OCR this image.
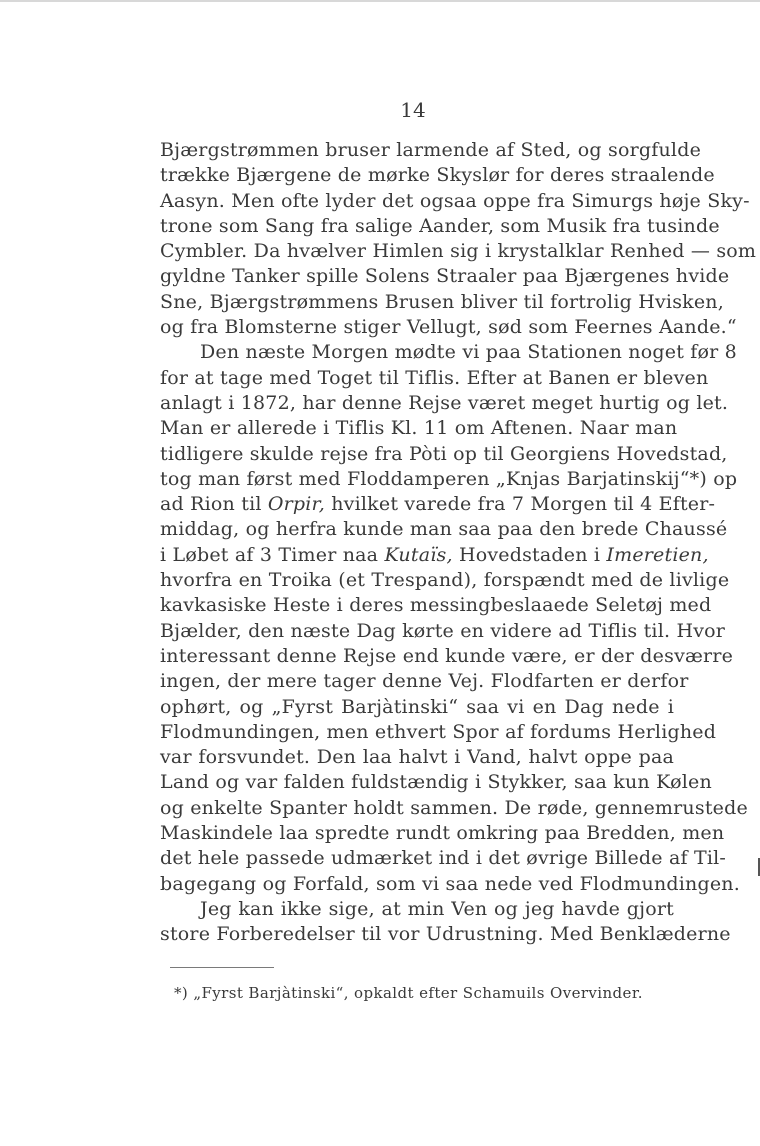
14
Bjærgstrømmen bruser larmende af Sted, og sorgfulde
trække Bjærgene de mørke Skyslør for deres straalende
Aasyn. Men ofte lyder det ogsaa oppe fra Simurgs høje Sky-
trone som Sang fra salige Aander, som Musik fra tusinde
Cymbler. Da hvælver Himlen sig i krystalklar Renhed — som
gyldne Tanker spille Solens Straaler paa Bjærgenes hvide
Sne, Bjærgstrømmens Brusen bliver til fortrolig Hvisken,
og fra Blomsterne stiger Vellugt, sød som Feernes Aande.“
Den næste Morgen mødte vi paa Stationen noget før 8
for at tage med Toget til Tiflis. Efter at Banen er bleven
anlagt i 1872, har denne Rejse været meget hurtig og let.
Man er allerede i Tiflis Kl. 11 om Aftenen. Naar man
tidligere skulde rejse fra Pòti op til Georgiens Hovedstad,
tog man først med Floddamperen „Knjas Barjatinskij“*) op
ad Rion til Orpir, hvilket varede fra 7 Morgen til 4 Efter-
middag, og herfra kunde man saa paa den brede Chaussé
i Løbet af 3 Timer naa Kutaïs, Hovedstaden i Imeretien,
hvorfra en Troika (et Trespand), forspændt med de livlige
kavkasiske Heste i deres messingbeslaaede Seletøj med
Bjælder, den næste Dag kørte en videre ad Tiflis til. Hvor
interessant denne Rejse end kunde være, er der desværre
ingen, der mere tager denne Vej. Flodfarten er derfor
ophørt, og „Fyrst Barjàtinski“ saa vi en Dag nede i
Flodmundingen, men ethvert Spor af fordums Herlighed
var forsvundet. Den laa halvt i Vand, halvt oppe paa
Land og var falden fuldstændig i Stykker, saa kun Kølen
og enkelte Spanter holdt sammen. De røde, gennemrustede
Maskindele laa spredte rundt omkring paa Bredden, men
det hele passede udmærket ind i det øvrige Billede af Til-
bagegang og Forfald, som vi saa nede ved Flodmundingen.
Jeg kan ikke sige, at min Ven og jeg havde gjort
store Forberedelser til vor Udrustning. Med Benklæderne
*) „Fyrst Barjàtinski“, opkaldt efter Schamuils Overvinder.
